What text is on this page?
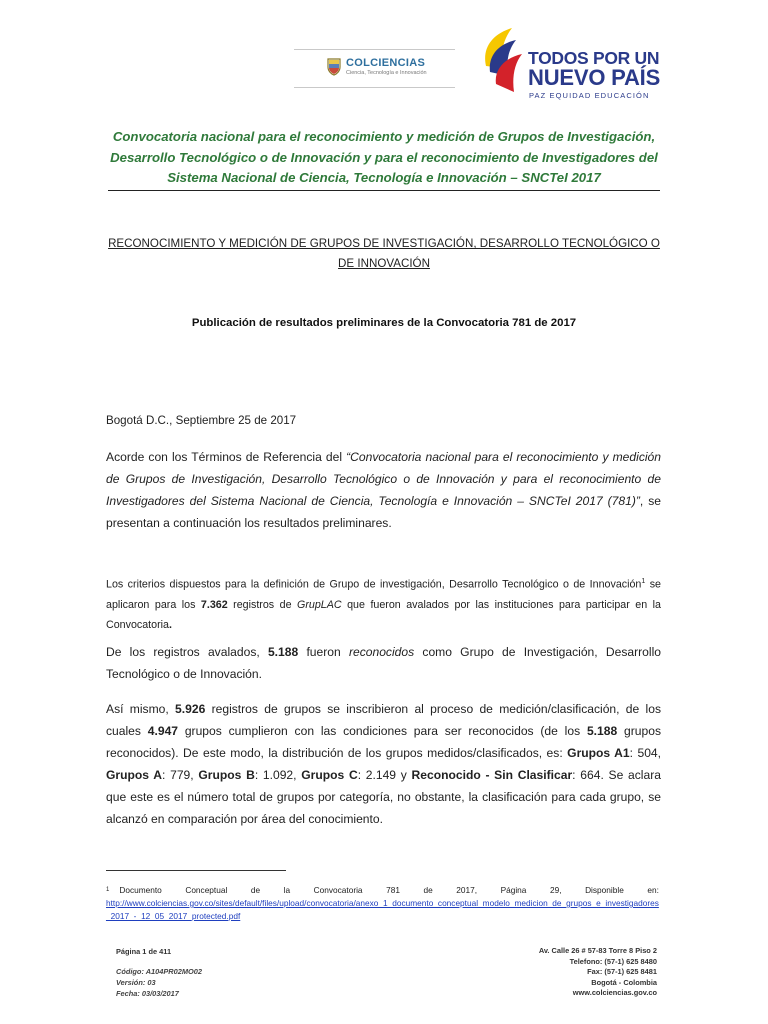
COLCIENCIAS
Ciencia, Tecnología e Innovación
TODOS POR UN
NUEVO PAÍS
PAZ EQUIDAD EDUCACIÓN
Convocatoria nacional para el reconocimiento y medición de Grupos de Investigación,
Desarrollo Tecnológico o de Innovación y para el reconocimiento de Investigadores del
Sistema Nacional de Ciencia, Tecnología e Innovación – SNCTeI 2017
RECONOCIMIENTO Y MEDICIÓN DE GRUPOS DE INVESTIGACIÓN, DESARROLLO TECNOLÓGICO O
DE INNOVACIÓN
Publicación de resultados preliminares de la Convocatoria 781 de 2017
Bogotá D.C., Septiembre 25 de 2017
Acorde con los Términos de Referencia del “Convocatoria nacional para el reconocimiento y medición de Grupos de Investigación, Desarrollo Tecnológico o de Innovación y para el reconocimiento de Investigadores del Sistema Nacional de Ciencia, Tecnología e Innovación – SNCTeI 2017 (781)”, se presentan a continuación los resultados preliminares.
Los criterios dispuestos para la definición de Grupo de investigación, Desarrollo Tecnológico o de Innovación$^1$ se aplicaron para los 7.362 registros de GrupLAC que fueron avalados por las instituciones para participar en la Convocatoria.
De los registros avalados, 5.188 fueron reconocidos como Grupo de Investigación, Desarrollo Tecnológico o de Innovación.
Así mismo, 5.926 registros de grupos se inscribieron al proceso de medición/clasificación, de los cuales 4.947 grupos cumplieron con las condiciones para ser reconocidos (de los 5.188 grupos reconocidos). De este modo, la distribución de los grupos medidos/clasificados, es: Grupos A1: 504, Grupos A: 779, Grupos B: 1.092, Grupos C: 2.149 y Reconocido - Sin Clasificar: 664. Se aclara que este es el número total de grupos por categoría, no obstante, la clasificación para cada grupo, se alcanzó en comparación por área del conocimiento.
$^1$ Documento	Conceptual	de	la	Convocatoria	781	de	2017,	Página	29,	Disponible	en:
http://www.colciencias.gov.co/sites/default/files/upload/convocatoria/anexo_1_documento_conceptual_modelo_medicion_de_grupos_e_investigadores_2017_-_12_05_2017_protected.pdf
Página 1 de 411
Código: A104PR02MO02
Versión: 03
Fecha: 03/03/2017
Av. Calle 26 # 57-83 Torre 8 Piso 2
Telefono: (57-1) 625 8480
Fax: (57-1) 625 8481
Bogotá - Colombia
www.colciencias.gov.co
